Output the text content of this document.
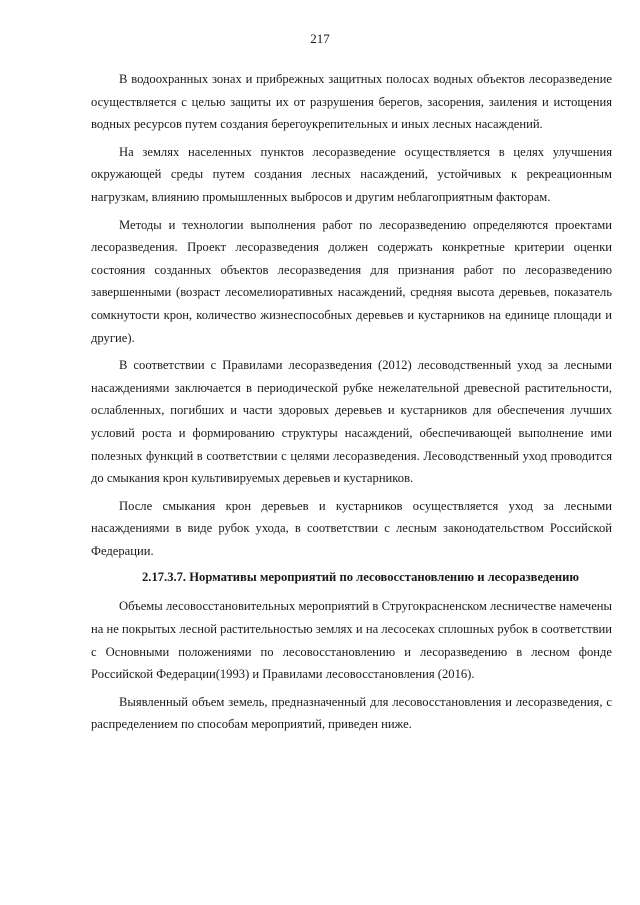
217

В водоохранных зонах и прибрежных защитных полосах водных объектов лесоразведение осуществляется с целью защиты их от разрушения берегов, засорения, заиления и истощения водных ресурсов путем создания берегоукрепительных и иных лесных насаждений.

На землях населенных пунктов лесоразведение осуществляется в целях улучшения окружающей среды путем создания лесных насаждений, устойчивых к рекреационным нагрузкам, влиянию промышленных выбросов и другим неблагоприятным факторам.

Методы и технологии выполнения работ по лесоразведению определяются проектами лесоразведения. Проект лесоразведения должен содержать конкретные критерии оценки состояния созданных объектов лесоразведения для признания работ по лесоразведению завершенными (возраст лесомелиоративных насаждений, средняя высота деревьев, показатель сомкнутости крон, количество жизнеспособных деревьев и кустарников на единице площади и другие).

В соответствии с Правилами лесоразведения (2012) лесоводственный уход за лесными насаждениями заключается в периодической рубке нежелательной древесной растительности, ослабленных, погибших и части здоровых деревьев и кустарников для обеспечения лучших условий роста и формированию структуры насаждений, обеспечивающей выполнение ими полезных функций в соответствии с целями лесоразведения. Лесоводственный уход проводится до смыкания крон культивируемых деревьев и кустарников.

После смыкания крон деревьев и кустарников осуществляется уход за лесными насаждениями в виде рубок ухода, в соответствии с лесным законодательством Российской Федерации.

2.17.3.7. Нормативы мероприятий по лесовосстановлению и лесоразведению

Объемы лесовосстановительных мероприятий в Стругокрасненском лесничестве намечены на не покрытых лесной растительностью землях и на лесосеках сплошных рубок в соответствии с Основными положениями по лесовосстановлению и лесоразведению в лесном фонде Российской Федерации(1993) и Правилами лесовосстановления (2016).

Выявленный объем земель, предназначенный для лесовосстановления и лесоразведения, с распределением по способам мероприятий, приведен ниже.
